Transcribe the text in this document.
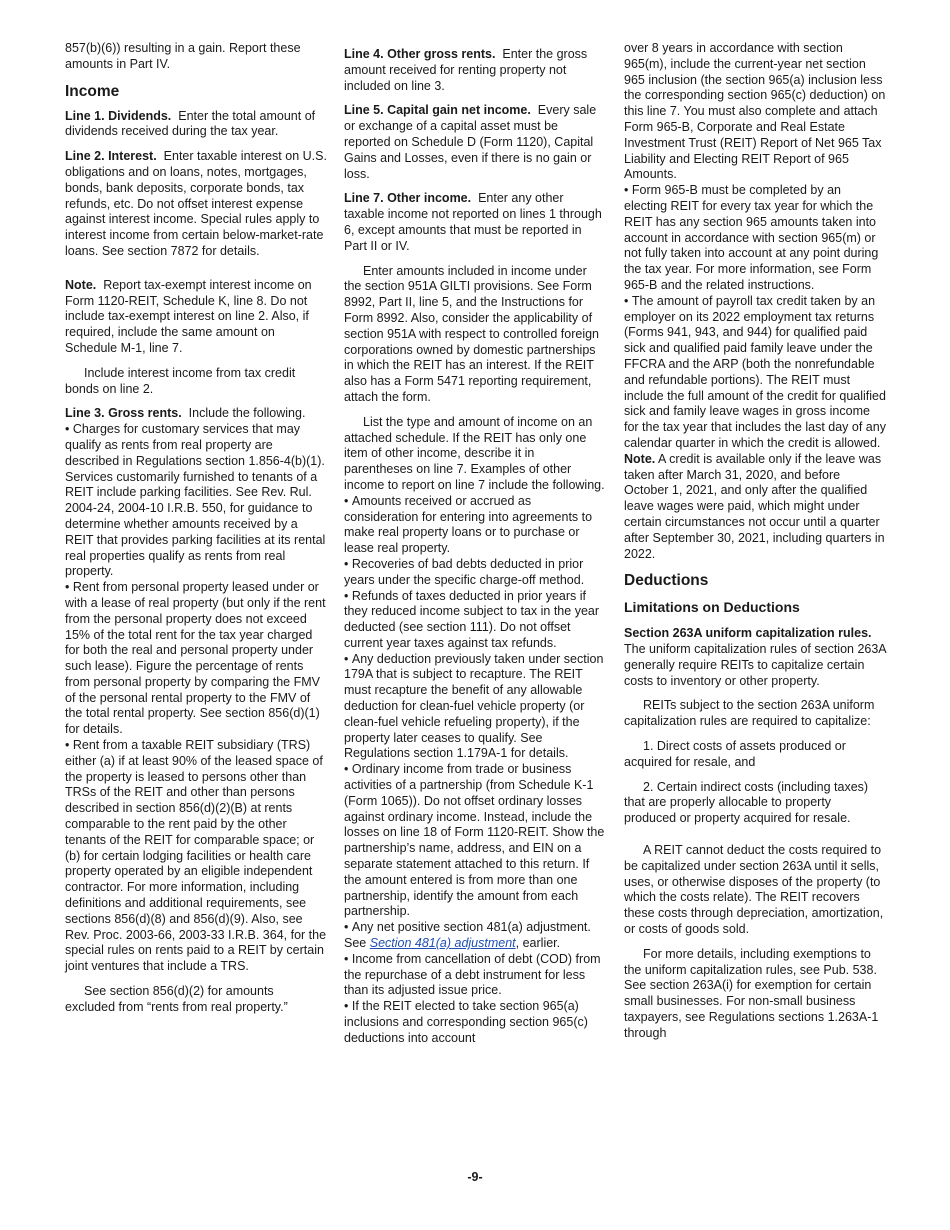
857(b)(6)) resulting in a gain. Report these amounts in Part IV.

Income

Line 1. Dividends. Enter the total amount of dividends received during the tax year.

Line 2. Interest. Enter taxable interest on U.S. obligations and on loans, notes, mortgages, bonds, bank deposits, corporate bonds, tax refunds, etc. Do not offset interest expense against interest income. Special rules apply to interest income from certain below-market-rate loans. See section 7872 for details.

Note. Report tax-exempt interest income on Form 1120-REIT, Schedule K, line 8. Do not include tax-exempt interest on line 2. Also, if required, include the same amount on Schedule M-1, line 7.

Include interest income from tax credit bonds on line 2.

Line 3. Gross rents. Include the following.

• Charges for customary services that may qualify as rents from real property are described in Regulations section 1.856-4(b)(1). Services customarily furnished to tenants of a REIT include parking facilities. See Rev. Rul. 2004-24, 2004-10 I.R.B. 550, for guidance to determine whether amounts received by a REIT that provides parking facilities at its rental real properties qualify as rents from real property.

• Rent from personal property leased under or with a lease of real property (but only if the rent from the personal property does not exceed 15% of the total rent for the tax year charged for both the real and personal property under such lease). Figure the percentage of rents from personal property by comparing the FMV of the personal rental property to the FMV of the total rental property. See section 856(d)(1) for details.

• Rent from a taxable REIT subsidiary (TRS) either (a) if at least 90% of the leased space of the property is leased to persons other than TRSs of the REIT and other than persons described in section 856(d)(2)(B) at rents comparable to the rent paid by the other tenants of the REIT for comparable space; or (b) for certain lodging facilities or health care property operated by an eligible independent contractor. For more information, including definitions and additional requirements, see sections 856(d)(8) and 856(d)(9). Also, see Rev. Proc. 2003-66, 2003-33 I.R.B. 364, for the special rules on rents paid to a REIT by certain joint ventures that include a TRS.

See section 856(d)(2) for amounts excluded from “rents from real property.”

Line 4. Other gross rents. Enter the gross amount received for renting property not included on line 3.

Line 5. Capital gain net income. Every sale or exchange of a capital asset must be reported on Schedule D (Form 1120), Capital Gains and Losses, even if there is no gain or loss.

Line 7. Other income. Enter any other taxable income not reported on lines 1 through 6, except amounts that must be reported in Part II or IV.

Enter amounts included in income under the section 951A GILTI provisions. See Form 8992, Part II, line 5, and the Instructions for Form 8992. Also, consider the applicability of section 951A with respect to controlled foreign corporations owned by domestic partnerships in which the REIT has an interest. If the REIT also has a Form 5471 reporting requirement, attach the form.

List the type and amount of income on an attached schedule. If the REIT has only one item of other income, describe it in parentheses on line 7. Examples of other income to report on line 7 include the following.

• Amounts received or accrued as consideration for entering into agreements to make real property loans or to purchase or lease real property.

• Recoveries of bad debts deducted in prior years under the specific charge-off method.

• Refunds of taxes deducted in prior years if they reduced income subject to tax in the year deducted (see section 111). Do not offset current year taxes against tax refunds.

• Any deduction previously taken under section 179A that is subject to recapture. The REIT must recapture the benefit of any allowable deduction for clean-fuel vehicle property (or clean-fuel vehicle refueling property), if the property later ceases to qualify. See Regulations section 1.179A-1 for details.

• Ordinary income from trade or business activities of a partnership (from Schedule K-1 (Form 1065)). Do not offset ordinary losses against ordinary income. Instead, include the losses on line 18 of Form 1120-REIT. Show the partnership’s name, address, and EIN on a separate statement attached to this return. If the amount entered is from more than one partnership, identify the amount from each partnership.

• Any net positive section 481(a) adjustment. See Section 481(a) adjustment, earlier.

• Income from cancellation of debt (COD) from the repurchase of a debt instrument for less than its adjusted issue price.

• If the REIT elected to take section 965(a) inclusions and corresponding section 965(c) deductions into account

over 8 years in accordance with section 965(m), include the current-year net section 965 inclusion (the section 965(a) inclusion less the corresponding section 965(c) deduction) on this line 7. You must also complete and attach Form 965-B, Corporate and Real Estate Investment Trust (REIT) Report of Net 965 Tax Liability and Electing REIT Report of 965 Amounts.

• Form 965-B must be completed by an electing REIT for every tax year for which the REIT has any section 965 amounts taken into account in accordance with section 965(m) or not fully taken into account at any point during the tax year. For more information, see Form 965-B and the related instructions.

• The amount of payroll tax credit taken by an employer on its 2022 employment tax returns (Forms 941, 943, and 944) for qualified paid sick and qualified paid family leave under the FFCRA and the ARP (both the nonrefundable and refundable portions). The REIT must include the full amount of the credit for qualified sick and family leave wages in gross income for the tax year that includes the last day of any calendar quarter in which the credit is allowed.

Note. A credit is available only if the leave was taken after March 31, 2020, and before October 1, 2021, and only after the qualified leave wages were paid, which might under certain circumstances not occur until a quarter after September 30, 2021, including quarters in 2022.

Deductions
Limitations on Deductions

Section 263A uniform capitalization rules.  The uniform capitalization rules of section 263A generally require REITs to capitalize certain costs to inventory or other property.

REITs subject to the section 263A uniform capitalization rules are required to capitalize:

1. Direct costs of assets produced or acquired for resale, and

2. Certain indirect costs (including taxes) that are properly allocable to property produced or property acquired for resale.

A REIT cannot deduct the costs required to be capitalized under section 263A until it sells, uses, or otherwise disposes of the property (to which the costs relate). The REIT recovers these costs through depreciation, amortization, or costs of goods sold.

For more details, including exemptions to the uniform capitalization rules, see Pub. 538. See section 263A(i) for exemption for certain small businesses. For non-small business taxpayers, see Regulations sections 1.263A-1 through

-9-
